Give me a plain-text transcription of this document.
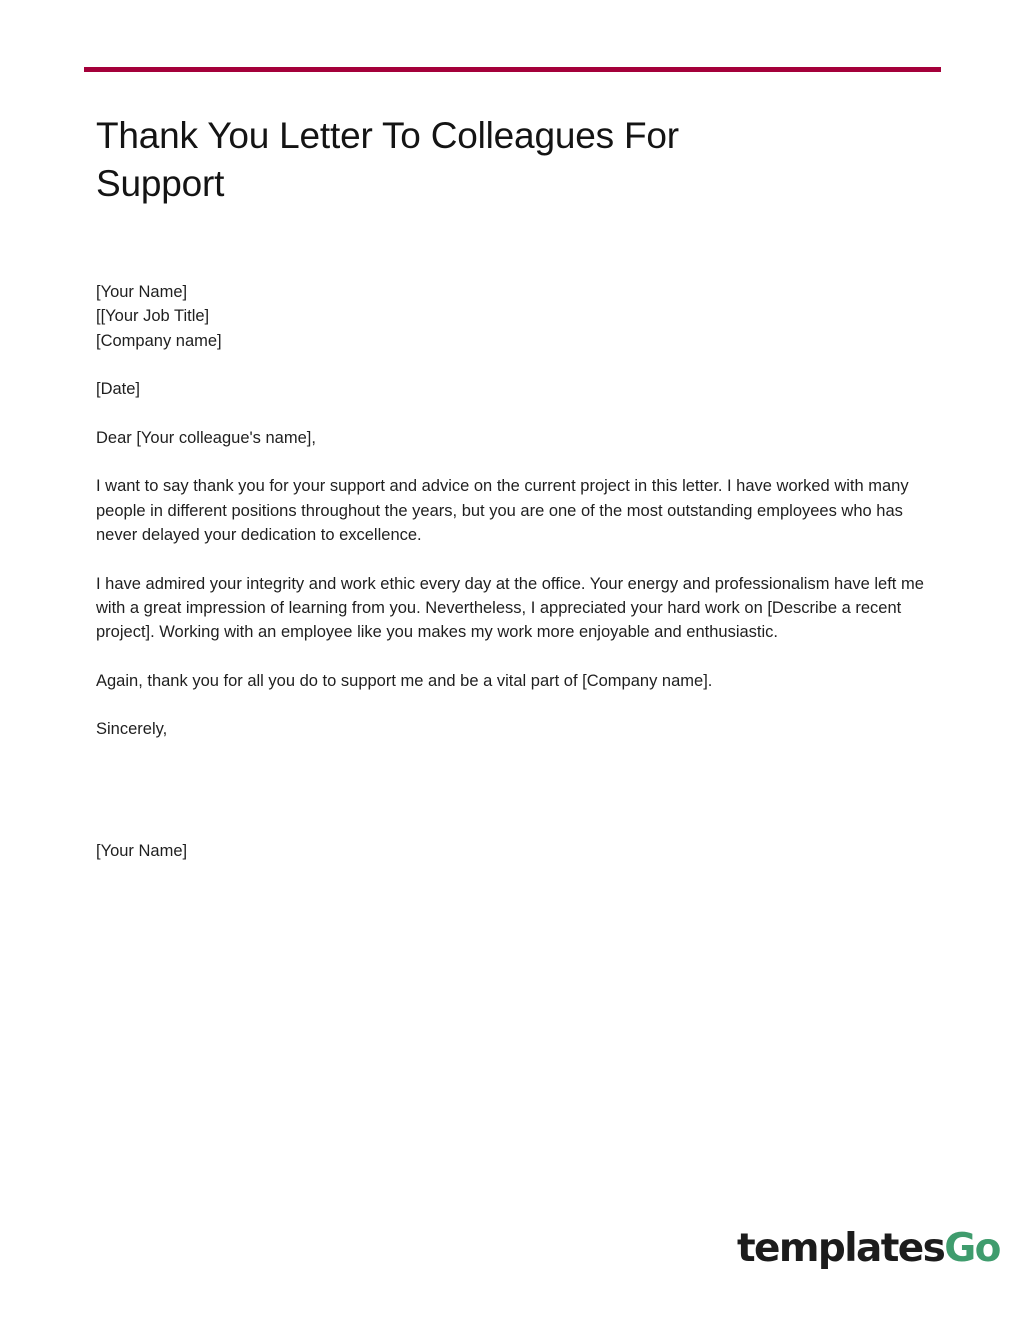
Thank You Letter To Colleagues For Support
[Your Name]
[[Your Job Title]
[Company name]

[Date]

Dear [Your colleague's name],

I want to say thank you for your support and advice on the current project in this letter. I have worked with many people in different positions throughout the years, but you are one of the most outstanding employees who has never delayed your dedication to excellence.

I have admired your integrity and work ethic every day at the office. Your energy and professionalism have left me with a great impression of learning from you. Nevertheless, I appreciated your hard work on [Describe a recent project]. Working with an employee like you makes my work more enjoyable and enthusiastic.

Again, thank you for all you do to support me and be a vital part of [Company name].

Sincerely,

[Your Name]

templatesGo
